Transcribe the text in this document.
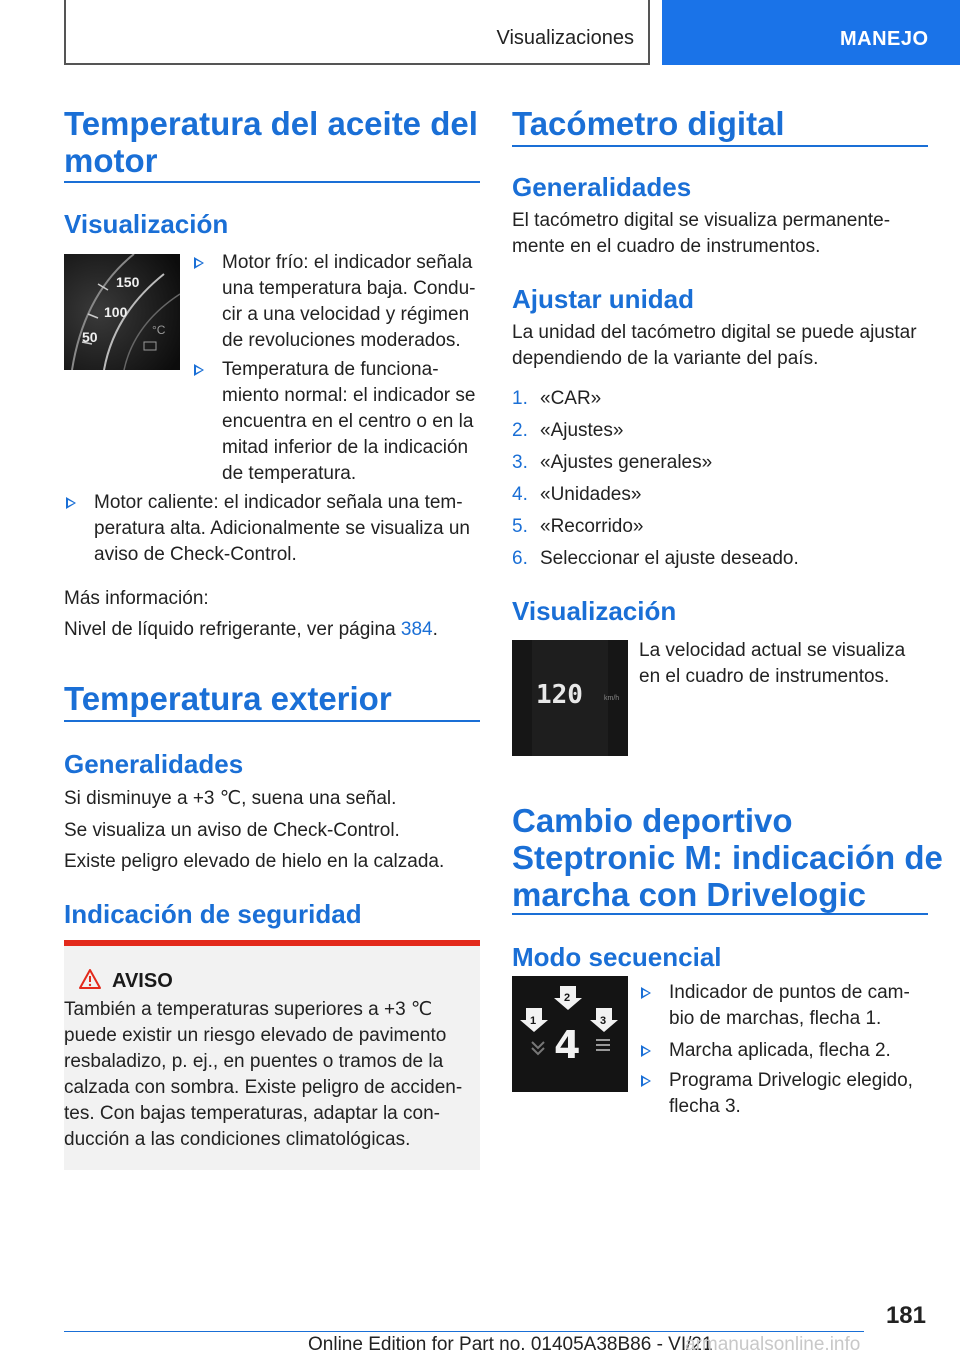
Visualizaciones	MANEJO
Temperatura del aceite del motor
Visualización
150
100
50	°C
Motor frío: el indicador señala una temperatura baja. Condu-cir a una velocidad y régimen de revoluciones moderados.
Temperatura de funciona-miento normal: el indicador se encuentra en el centro o en la mitad inferior de la indicación de temperatura.
Motor caliente: el indicador señala una tem-peratura alta. Adicionalmente se visualiza un aviso de Check-Control.
Más información:
Nivel de líquido refrigerante, ver página 384.
Temperatura exterior
Generalidades
Si disminuye a +3 ℃, suena una señal.
Se visualiza un aviso de Check-Control.
Existe peligro elevado de hielo en la calzada.
Indicación de seguridad
AVISO
También a temperaturas superiores a +3 ℃
puede existir un riesgo elevado de pavimento
resbaladizo, p. ej., en puentes o tramos de la
calzada con sombra. Existe peligro de acciden-
tes. Con bajas temperaturas, adaptar la con-
ducción a las condiciones climatológicas.
Tacómetro digital
Generalidades
El tacómetro digital se visualiza permanente-mente en el cuadro de instrumentos.
Ajustar unidad
La unidad del tacómetro digital se puede ajustar dependiendo de la variante del país.
1. «CAR»
2. «Ajustes»
3. «Ajustes generales»
4. «Unidades»
5. «Recorrido»
6. Seleccionar el ajuste deseado.
Visualización
120	km/h
La velocidad actual se visualiza en el cuadro de instrumentos.
Cambio deportivo
Steptronic M: indicación de
marcha con Drivelogic
Modo secuencial
1
2
3
4
Indicador de puntos de cam-bio de marchas, flecha 1.
Marcha aplicada, flecha 2.
Programa Drivelogic elegido, flecha 3.
181
Online Edition for Part no. 01405A38B86 - VI/21
armanualsonline.info
